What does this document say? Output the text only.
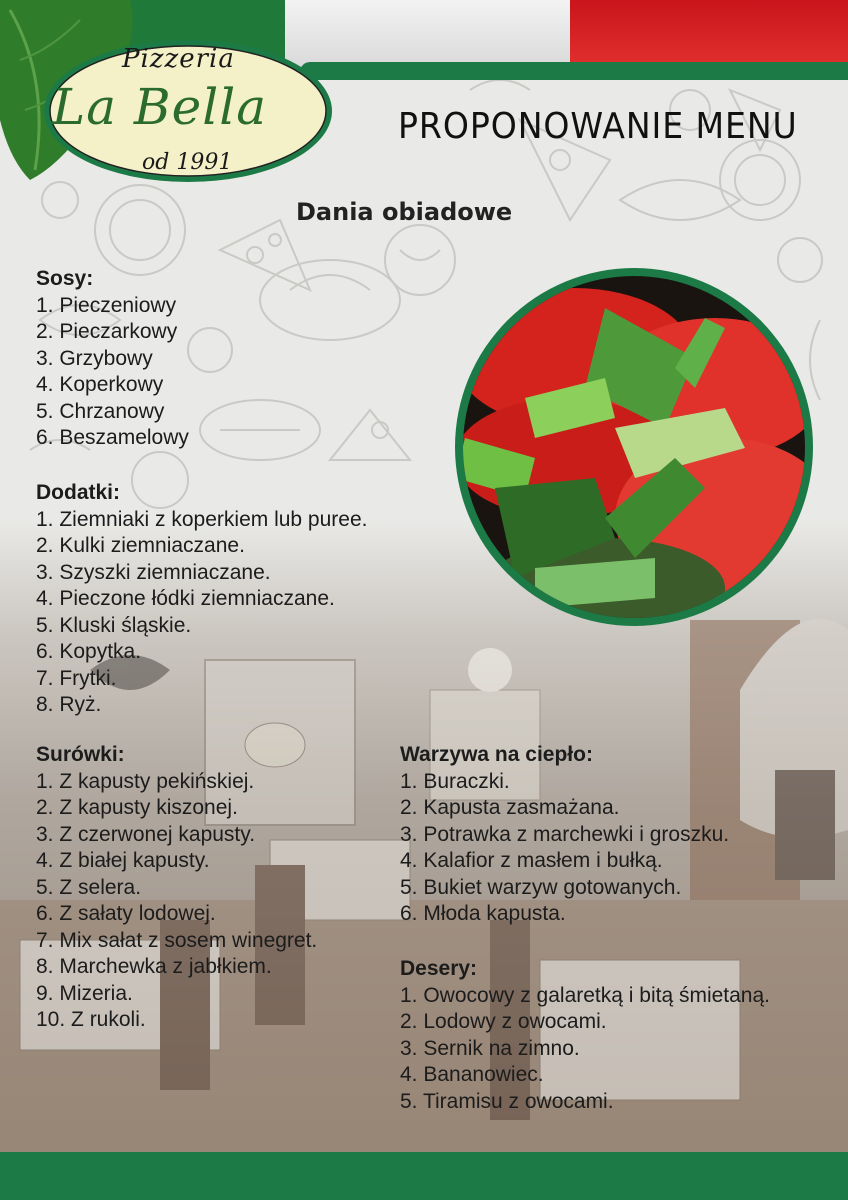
Pizzeria
La Bella
od 1991
PROPONOWANIE MENU
Dania obiadowe
Sosy:
1. Pieczeniowy
2. Pieczarkowy
3. Grzybowy
4. Koperkowy
5. Chrzanowy
6. Beszamelowy
Dodatki:
1. Ziemniaki z koperkiem lub puree.
2. Kulki ziemniaczane.
3. Szyszki ziemniaczane.
4. Pieczone łódki ziemniaczane.
5. Kluski śląskie.
6. Kopytka.
7. Frytki.
8. Ryż.
Surówki:
1. Z kapusty pekińskiej.
2. Z kapusty kiszonej.
3. Z czerwonej kapusty.
4. Z białej kapusty.
5. Z selera.
6. Z sałaty lodowej.
7. Mix sałat z sosem winegret.
8. Marchewka z jabłkiem.
9. Mizeria.
10. Z rukoli.
Warzywa na ciepło:
1. Buraczki.
2. Kapusta zasmażana.
3. Potrawka z marchewki i groszku.
4. Kalafior z masłem i bułką.
5. Bukiet warzyw gotowanych.
6. Młoda kapusta.
Desery:
1. Owocowy z galaretką i bitą śmietaną.
2. Lodowy z owocami.
3. Sernik na zimno.
4. Bananowiec.
5. Tiramisu z owocami.
